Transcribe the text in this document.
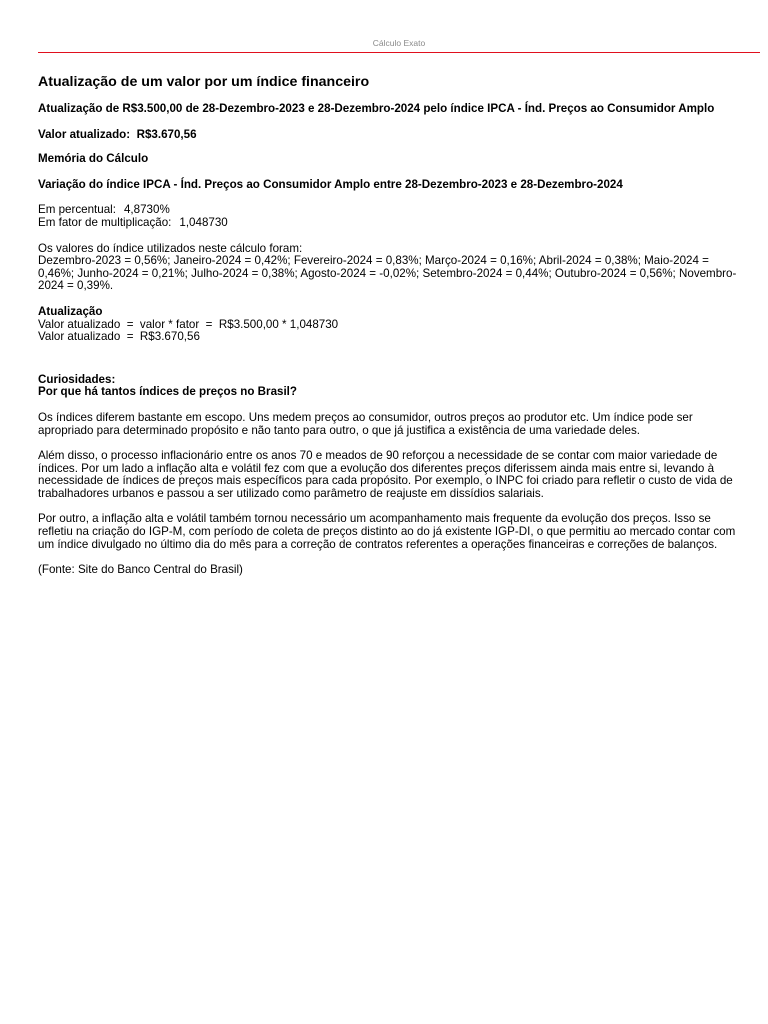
Cálculo Exato

Atualização de um valor por um índice financeiro

Atualização de R$3.500,00 de 28-Dezembro-2023 e 28-Dezembro-2024 pelo índice IPCA - Índ. Preços ao Consumidor Amplo

Valor atualizado: R$3.670,56

Memória do Cálculo

Variação do índice IPCA - Índ. Preços ao Consumidor Amplo entre 28-Dezembro-2023 e 28-Dezembro-2024

Em percentual: 4,8730%

Em fator de multiplicação: 1,048730

Os valores do índice utilizados neste cálculo foram:

Dezembro-2023 = 0,56%; Janeiro-2024 = 0,42%; Fevereiro-2024 = 0,83%; Março-2024 = 0,16%; Abril-2024 = 0,38%; Maio-2024 = 0,46%; Junho-2024 = 0,21%; Julho-2024 = 0,38%; Agosto-2024 = -0,02%; Setembro-2024 = 0,44%; Outubro-2024 = 0,56%; Novembro-2024 = 0,39%.

Atualização

Valor atualizado  =  valor * fator  =  R$3.500,00 * 1,048730

Valor atualizado  =  R$3.670,56

Curiosidades:

Por que há tantos índices de preços no Brasil?

Os índices diferem bastante em escopo. Uns medem preços ao consumidor, outros preços ao produtor etc. Um índice pode ser apropriado para determinado propósito e não tanto para outro, o que já justifica a existência de uma variedade deles.

Além disso, o processo inflacionário entre os anos 70 e meados de 90 reforçou a necessidade de se contar com maior variedade de índices. Por um lado a inflação alta e volátil fez com que a evolução dos diferentes preços diferissem ainda mais entre si, levando à necessidade de índices de preços mais específicos para cada propósito. Por exemplo, o INPC foi criado para refletir o custo de vida de trabalhadores urbanos e passou a ser utilizado como parâmetro de reajuste em dissídios salariais.

Por outro, a inflação alta e volátil também tornou necessário um acompanhamento mais frequente da evolução dos preços. Isso se refletiu na criação do IGP-M, com período de coleta de preços distinto ao do já existente IGP-DI, o que permitiu ao mercado contar com um índice divulgado no último dia do mês para a correção de contratos referentes a operações financeiras e correções de balanços.

(Fonte: Site do Banco Central do Brasil)
